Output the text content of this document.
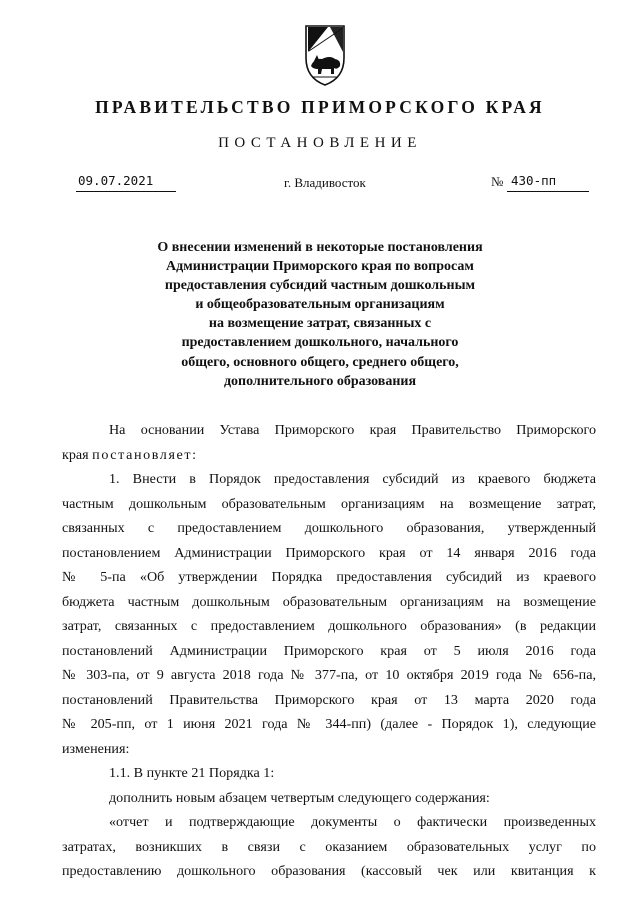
ПРАВИТЕЛЬСТВО ПРИМОРСКОГО КРАЯ
ПОСТАНОВЛЕНИЕ
09.07.2021	г. Владивосток	№ 430-пп
О внесении изменений в некоторые постановления
Администрации Приморского края по вопросам
предоставления субсидий частным дошкольным
и общеобразовательным организациям
на возмещение затрат, связанных с
предоставлением дошкольного, начального
общего, основного общего, среднего общего,
дополнительного образования
На основании Устава Приморского края Правительство Приморского
края постановляет:
1. Внести в Порядок предоставления субсидий из краевого бюджета
частным дошкольным образовательным организациям на возмещение затрат,
связанных с предоставлением дошкольного образования, утвержденный
постановлением Администрации Приморского края от 14 января 2016 года
№ 5-па «Об утверждении Порядка предоставления субсидий из краевого
бюджета частным дошкольным образовательным организациям на возмещение
затрат, связанных с предоставлением дошкольного образования» (в редакции
постановлений Администрации Приморского края от 5 июля 2016 года
№ 303-па, от 9 августа 2018 года № 377-па, от 10 октября 2019 года № 656-па,
постановлений Правительства Приморского края от 13 марта 2020 года
№ 205-пп, от 1 июня 2021 года № 344-пп) (далее - Порядок 1), следующие
изменения:
1.1. В пункте 21 Порядка 1:
дополнить новым абзацем четвертым следующего содержания:
«отчет и подтверждающие документы о фактически произведенных
затратах, возникших в связи с оказанием образовательных услуг по
предоставлению дошкольного образования (кассовый чек или квитанция к
